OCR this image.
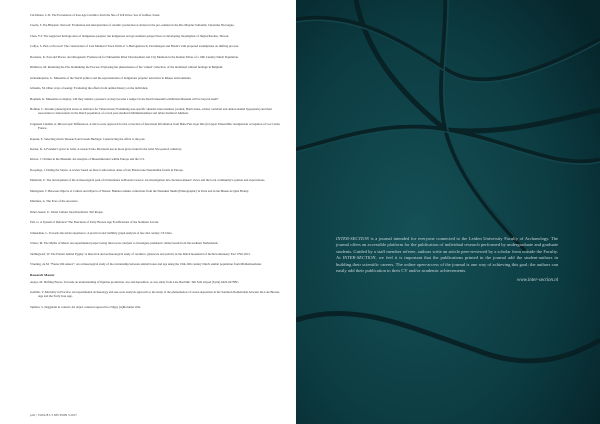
Cal-Dinare, C.D. The Provenance of Iron Age Ceramics from the Site of Tell Iztwe, Sea of Galilee, Israel.

Casale, S. Pre-Hispanic charcoal: Evaluation and interpretation of ceramic production at Avisen in the pre-cenmon in the Rio Mojoles Sollomm, Chontales Nicaragua.

Chen, Y.T. The neglected heritage sites of indigenous peoples: the indigenous and government perspectives on developing Jiaqiangban of Jingtai/Kaohsa, Taiwan.

Collye, S. Plan or Process? The construction of Late Medieval Town Walls of 's-Hertogenbosch, Zevenbergen and Breda's with proposed assumptions on shifting process.

Dooluers, K. Past and Places: An Ontogenetic Framework for Ninteenthe River Development and City Methods in the Roman Tribes of a 19th Century Dutch Population.

Dimitrios, M. Returning the Pits. Rethinking the Process: Exploring the phenomenon of the 'valued' collection, of the mobilised cultural heritage in Belgium.

Giannakopulos, U. Museums of the World politics and the representation of indigenous peoples' narratives in Museo environments.

Glinsma, M. Other ways of seeing: Evaluating the effects from animal history on the individual.

Hopmah, K. Museums on display, will they remain a presence as they become a subject in the Dutch museum's exhibition Museum will be beyond itself?

Hofman C. Juvenile phenotypical stress as indicator for Tuberculosis: Examining non-specific skeletal stress markers (cranial, Harris lines, orbital, vertebral and dental enamel hypoplasia) and their association to tuberculosis in the Dutch population of a rural post-medieval Middenbeemster and urban medieval Alkmaar.

Jorgensen Lindahl, A. Microscopic Differences. A micro-wear approach for the correction of functional information from Hohe Fels layer IIIe (in Upper Palaeolithic Aurignacian occupation of Les Cottés, France.

Kapsak, E. Selecting mortic Research and Greek Heritage: Constructing the offers to the past.

Kerner, K. A Founder's grave in Gilat, A research into Mortuaria use in more grave found in the Gilat Siva-period cemetery.

Klever, J. Chimes in the Museum. An Analysis of Museumization within Europe and the U.S.

Koopinga, J. Dating the Stereo. A review based on direct radiocarbon dates of late Pleistocene Neanderthal fossils in Europe.

Markram, E. The development of the archaeological park of Orchomenos in Boeotia Greece: An investigation into decision-makers' views and the local community's opinion and expectations.

Marlegiani, T. Between Objects of Culture and Objects of Nature: Human remains collections from the Shrunken Skulls (Ethnographic) in Paris and in the Musée de Quai Branly.

Martinez, A. The lives of the ancestors.

Omer-Saeed, U. Ubaid Culture Iraqi Kurdistan: Tell Raqan.

Pali, G. A System of Defence? The Functions of Early Bronze Age Fortifications of the Southern Levant.

Schuurman, L. Towards the urban experience: A practical and visibility graph analysis of late 2nd century CE Ostia.

Schror, M. The Myths of Metal: An experimental project using microwave analysis to investigate prehistoric amber beads from the northern Netherlands.

Stellingwerf, W. The Pattern behind Pygmy: A historical and archaeological study of ceramics, glassware and politics in the Dutch household of the Revolutionary Past 1790-1813.

Vlanting, de M. "Fauna Old Annex": An archaeological study of the relationship between animal bones and age using the 19th-19th century Dutch animal population from Middenbeemster.

Research Master

Anaya, M. Shifting Pieces. Towards an understanding of figurine production, use and deposition. A case study from Late Neolithic Tell Sabi Abyad (Syria) 6425-6275BC.

Gemillo, V. Mortality in Practice: An experimental archaeology and use-wear analysis approach to the study of the phenomenon of sword-deposition in the Southern Netherlands between the Late Bronze Age and the Early Iron Age.

Spiliare, S. Neggiadia in context: An object centered approach to Nippy (re)Roloimz villa.

p.61 | VOLUE I.3 SECTION 3 2017
INTER-SECTION is a journal intended for everyone connected to the Leiden University Faculty of Archaeology. The journal offers an accessible platform for the publication of individual research performed by undergraduate and graduate students. Guided by a staff member referee, authors write an article peer-reviewed by a scholar from outside the Faculty. At INTER-SECTION, we feel it is important that the publications printed in the journal add the student-authors in building their scientific careers. The online open-access of the journal is one way of achieving this goal; the authors can easily add their publication to their CV and/or academic achievements.
www.inter-section.nl
